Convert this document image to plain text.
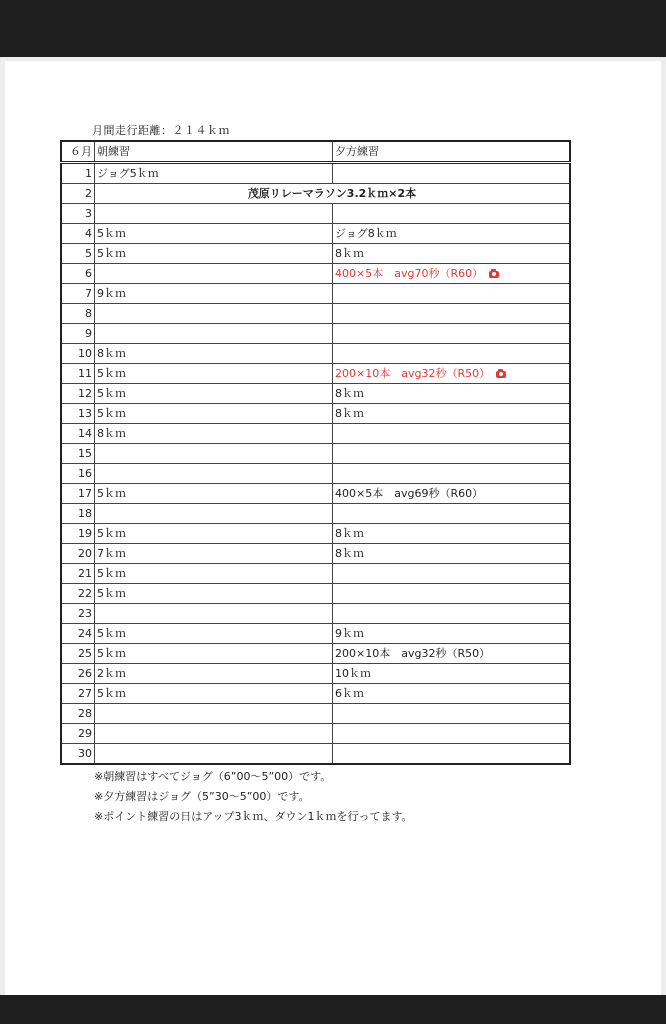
月間走行距離：２１４ｋｍ
６月	朝練習	夕方練習
1	ジョグ5ｋｍ	
2	茂原リレーマラソン3.2ｋｍ×2本	
3		
4	5ｋｍ	ジョグ8ｋｍ
5	5ｋｍ	8ｋｍ
6		400×5本　avg70秒（R60）
7	9ｋｍ	
8		
9		
10	8ｋｍ	
11	5ｋｍ	200×10本　avg32秒（R50）
12	5ｋｍ	8ｋｍ
13	5ｋｍ	8ｋｍ
14	8ｋｍ	
15		
16		
17	5ｋｍ	400×5本　avg69秒（R60）
18		
19	5ｋｍ	8ｋｍ
20	7ｋｍ	8ｋｍ
21	5ｋｍ	
22	5ｋｍ	
23		
24	5ｋｍ	9ｋｍ
25	5ｋｍ	200×10本　avg32秒（R50）
26	2ｋｍ	10ｋｍ
27	5ｋｍ	6ｋｍ
28		
29		
30		
※朝練習はすべてジョグ（6”00～5”00）です。
※夕方練習はジョグ（5”30～5”00）です。
※ポイント練習の日はアップ3ｋｍ、ダウン1ｋｍを行ってます。
